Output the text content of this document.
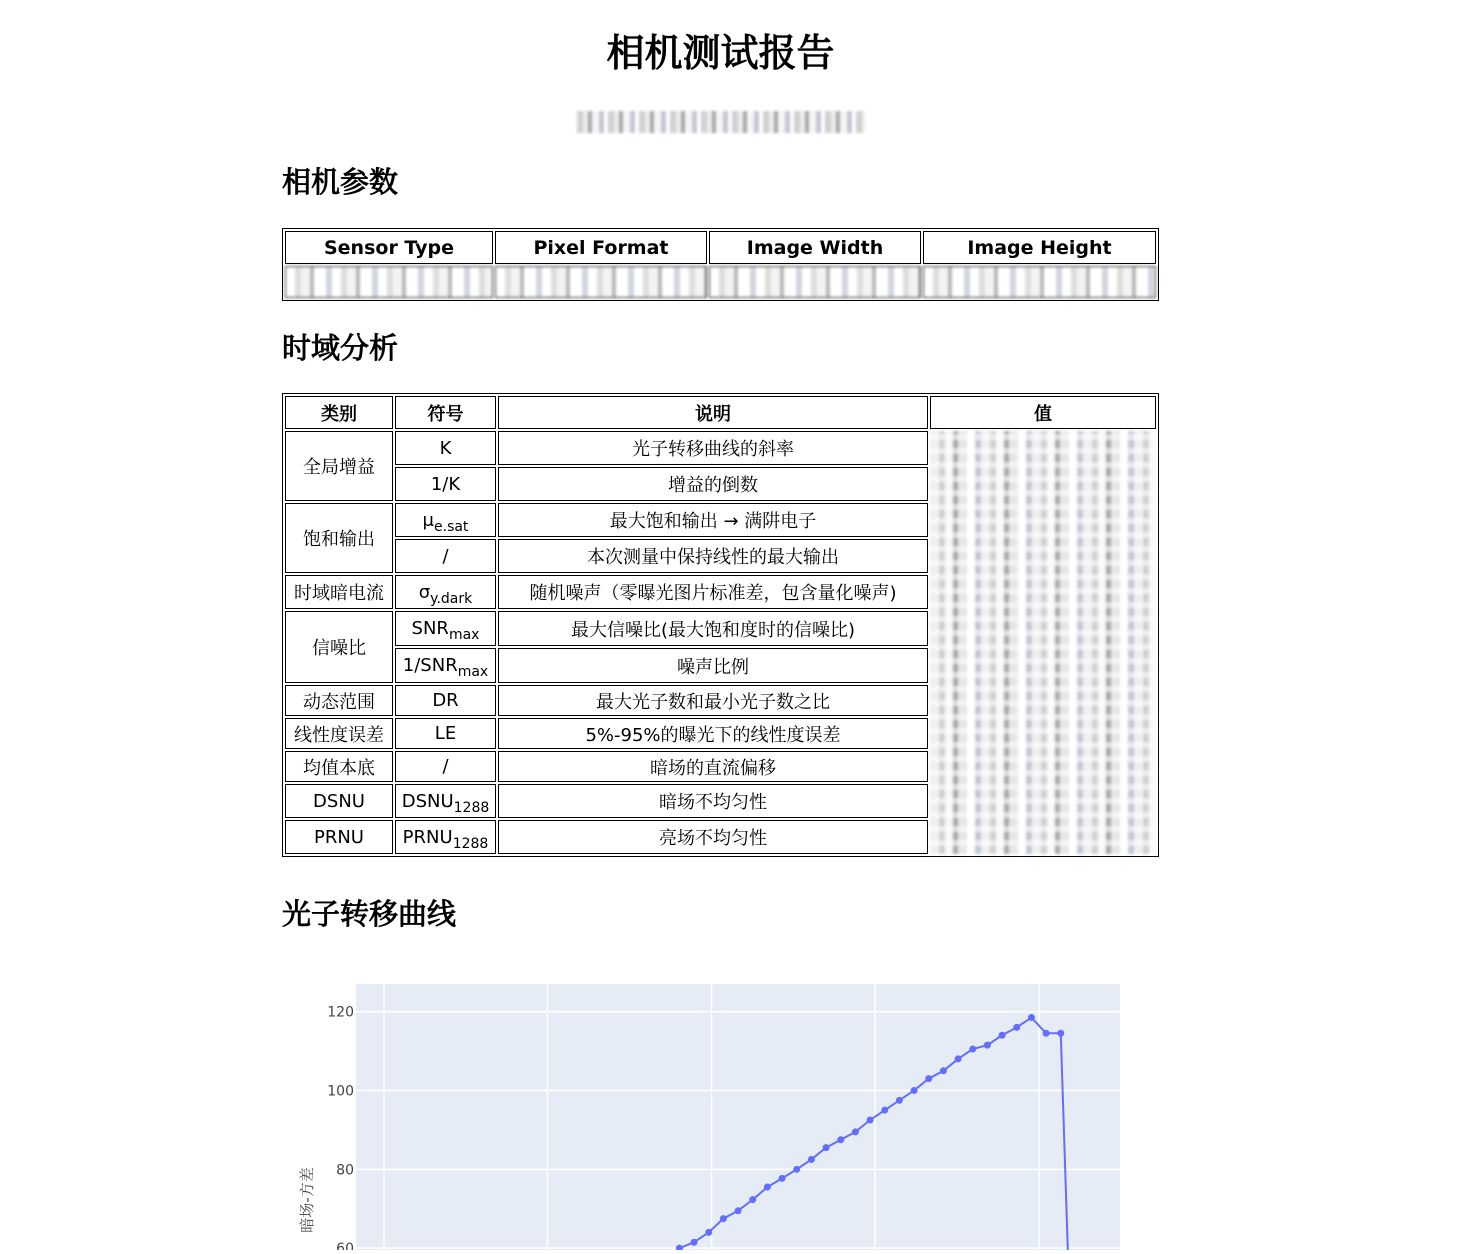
相机测试报告
相机参数
Sensor Type	Pixel Format	Image Width	Image Height

时域分析
类别	符号	说明	值
全局增益	K	光子转移曲线的斜率	

	1/K	增益的倒数	
饱和输出	$\mu_{e.sat}$	最大饱和输出 → 满阱电子	
	/	本次测量中保持线性的最大输出	
时域暗电流	$\sigma_{y.dark}$	随机噪声（零曝光图片标准差，包含量化噪声)	
信噪比	$SNR_{max}$	最大信噪比(最大饱和度时的信噪比)	
	$1/SNR_{max}$	噪声比例	
动态范围	DR	最大光子数和最小光子数之比	
线性度误差	LE	5%-95%的曝光下的线性度误差	
均值本底	/	暗场的直流偏移	
DSNU	$DSNU_{1288}$	暗场不均匀性	
PRNU	$PRNU_{1288}$	亮场不均匀性	
光子转移曲线
60
80
100
120
暗场-方差
